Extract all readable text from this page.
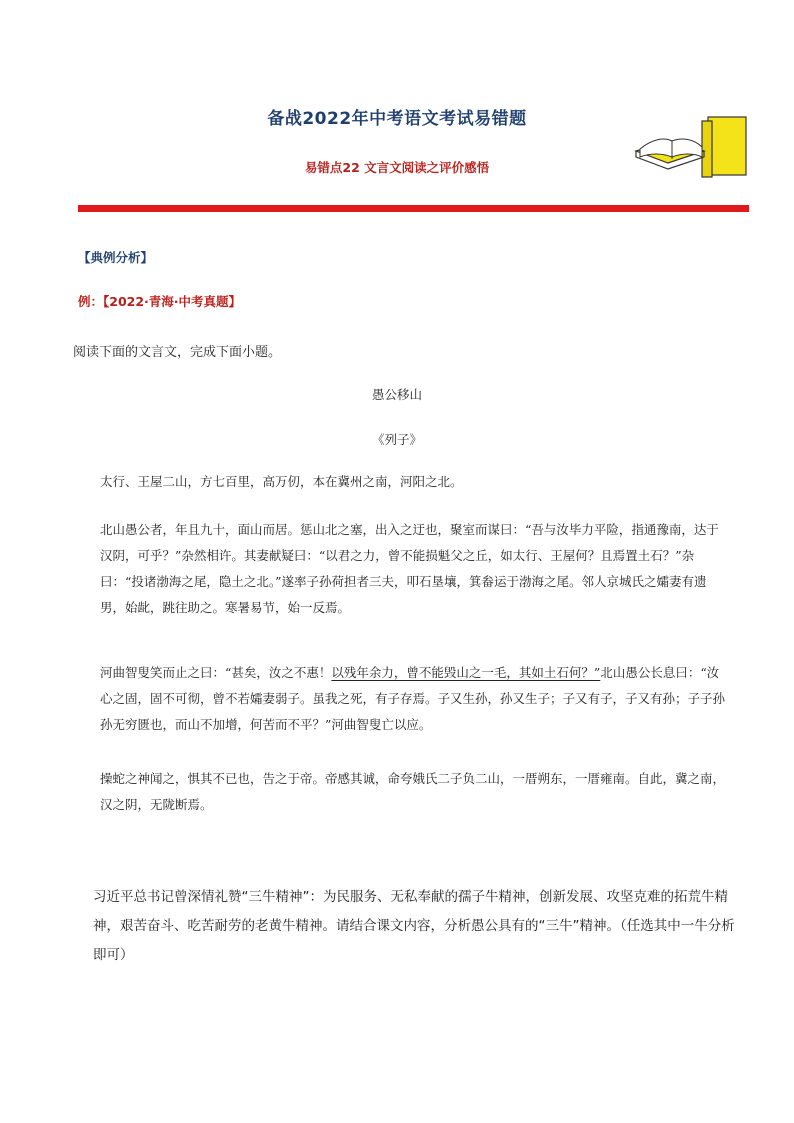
备战2022年中考语文考试易错题
易错点22 文言文阅读之评价感悟
【典例分析】
例：【2022·青海·中考真题】
阅读下面的文言文，完成下面小题。
愚公移山
《列子》

太行、王屋二山，方七百里，高万仞，本在冀州之南，河阳之北。

北山愚公者，年且九十，面山而居。惩山北之塞，出入之迂也，聚室而谋曰：“吾与汝毕力平险，指通豫南，达于汉阴，可乎？”杂然相许。其妻献疑曰：“以君之力，曾不能损魁父之丘，如太行、王屋何？且焉置土石？”杂曰：“投诸渤海之尾，隐土之北。”遂率子孙荷担者三夫，叩石垦壤，箕畚运于渤海之尾。邻人京城氏之孀妻有遗男，始龀，跳往助之。寒暑易节，始一反焉。

河曲智叟笑而止之曰：“甚矣，汝之不惠！以残年余力，曾不能毁山之一毛，其如土石何？”北山愚公长息曰：“汝心之固，固不可彻，曾不若孀妻弱子。虽我之死，有子存焉。子又生孙，孙又生子；子又有子，子又有孙；子子孙孙无穷匮也，而山不加增，何苦而不平？”河曲智叟亡以应。

操蛇之神闻之，惧其不已也，告之于帝。帝感其诚，命夸娥氏二子负二山，一厝朔东，一厝雍南。自此，冀之南，汉之阴，无陇断焉。

习近平总书记曾深情礼赞“三牛精神”：为民服务、无私奉献的孺子牛精神，创新发展、攻坚克难的拓荒牛精神，艰苦奋斗、吃苦耐劳的老黄牛精神。请结合课文内容，分析愚公具有的“三牛”精神。（任选其中一牛分析即可）
